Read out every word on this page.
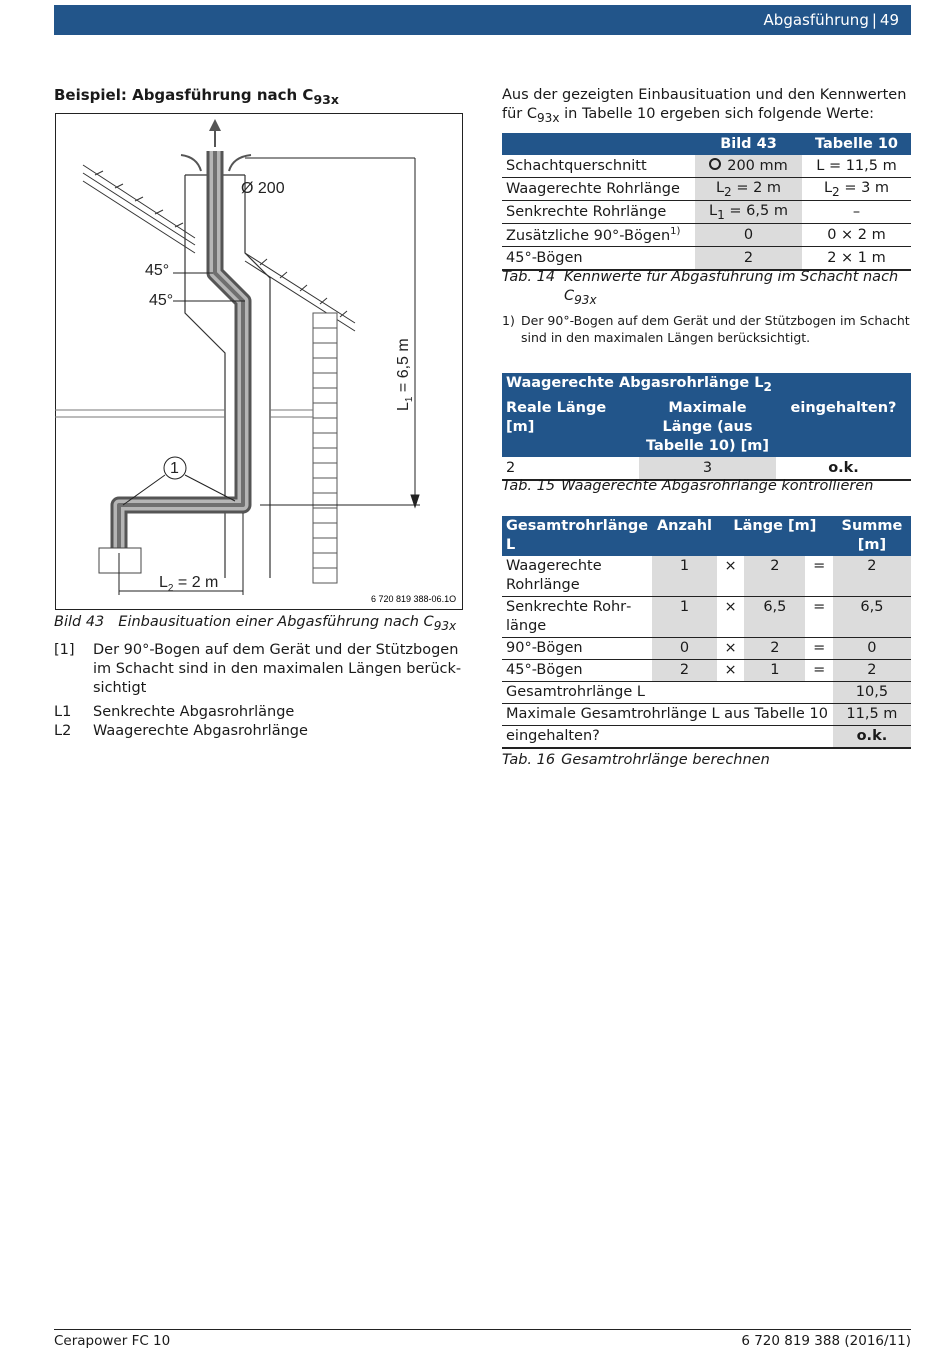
Abgasführung | 49
Beispiel: Abgasführung nach $C_{93x}$
Ø 200
45°
45°
1
$L_1 = 6,5$ m
$L_2 = 2$ m
6 720 819 388-06.1O
Bild 43 Einbausituation einer Abgasführung nach $C_{93x}$
[1] Der 90°-Bogen auf dem Gerät und der Stützbogen im Schacht sind in den maximalen Längen berücksichtigt
L1 Senkrechte Abgasrohrlänge
L2 Waagerechte Abgasrohrlänge
Aus der gezeigten Einbausituation und den Kennwerten
für $C_{93x}$ in Tabelle 10 ergeben sich folgende Werte:
	Bild 43	Tabelle 10
Schachtquerschnitt	200 mm	L = 11,5 m
Waagerechte Rohrlänge	$L_2 = 2$ m	$L_2 = 3$ m
Senkrechte Rohrlänge	$L_1 = 6,5$ m	–
Zusätzliche 90°-Bögen$^{1)}$	0	0 × 2 m
45°-Bögen	2	2 × 1 m
Tab. 14 Kennwerte für Abgasführung im Schacht nach
$C_{93x}$
1) Der 90°-Bogen auf dem Gerät und der Stützbogen im Schacht sind in den maximalen Längen berücksichtigt.
Waagerechte Abgasrohrlänge $L_2$
Reale Länge [m]	Maximale Länge (aus Tabelle 10) [m]	eingehalten?
2	3	o.k.
Tab. 15 Waagerechte Abgasrohrlänge kontrollieren
Gesamtrohrlänge L	Anzahl	Länge [m]			Summe [m]
Waagerechte Rohrlänge	1	×	2	=	2
Senkrechte Rohrlänge	1	×	6,5	=	6,5
90°-Bögen	0	×	2	=	0
45°-Bögen	2	×	1	=	2
Gesamtrohrlänge L					10,5
Maximale Gesamtrohrlänge L aus Tabelle 10					11,5 m
eingehalten?					o.k.
Tab. 16 Gesamtrohrlänge berechnen
Cerapower FC 10	6 720 819 388 (2016/11)
